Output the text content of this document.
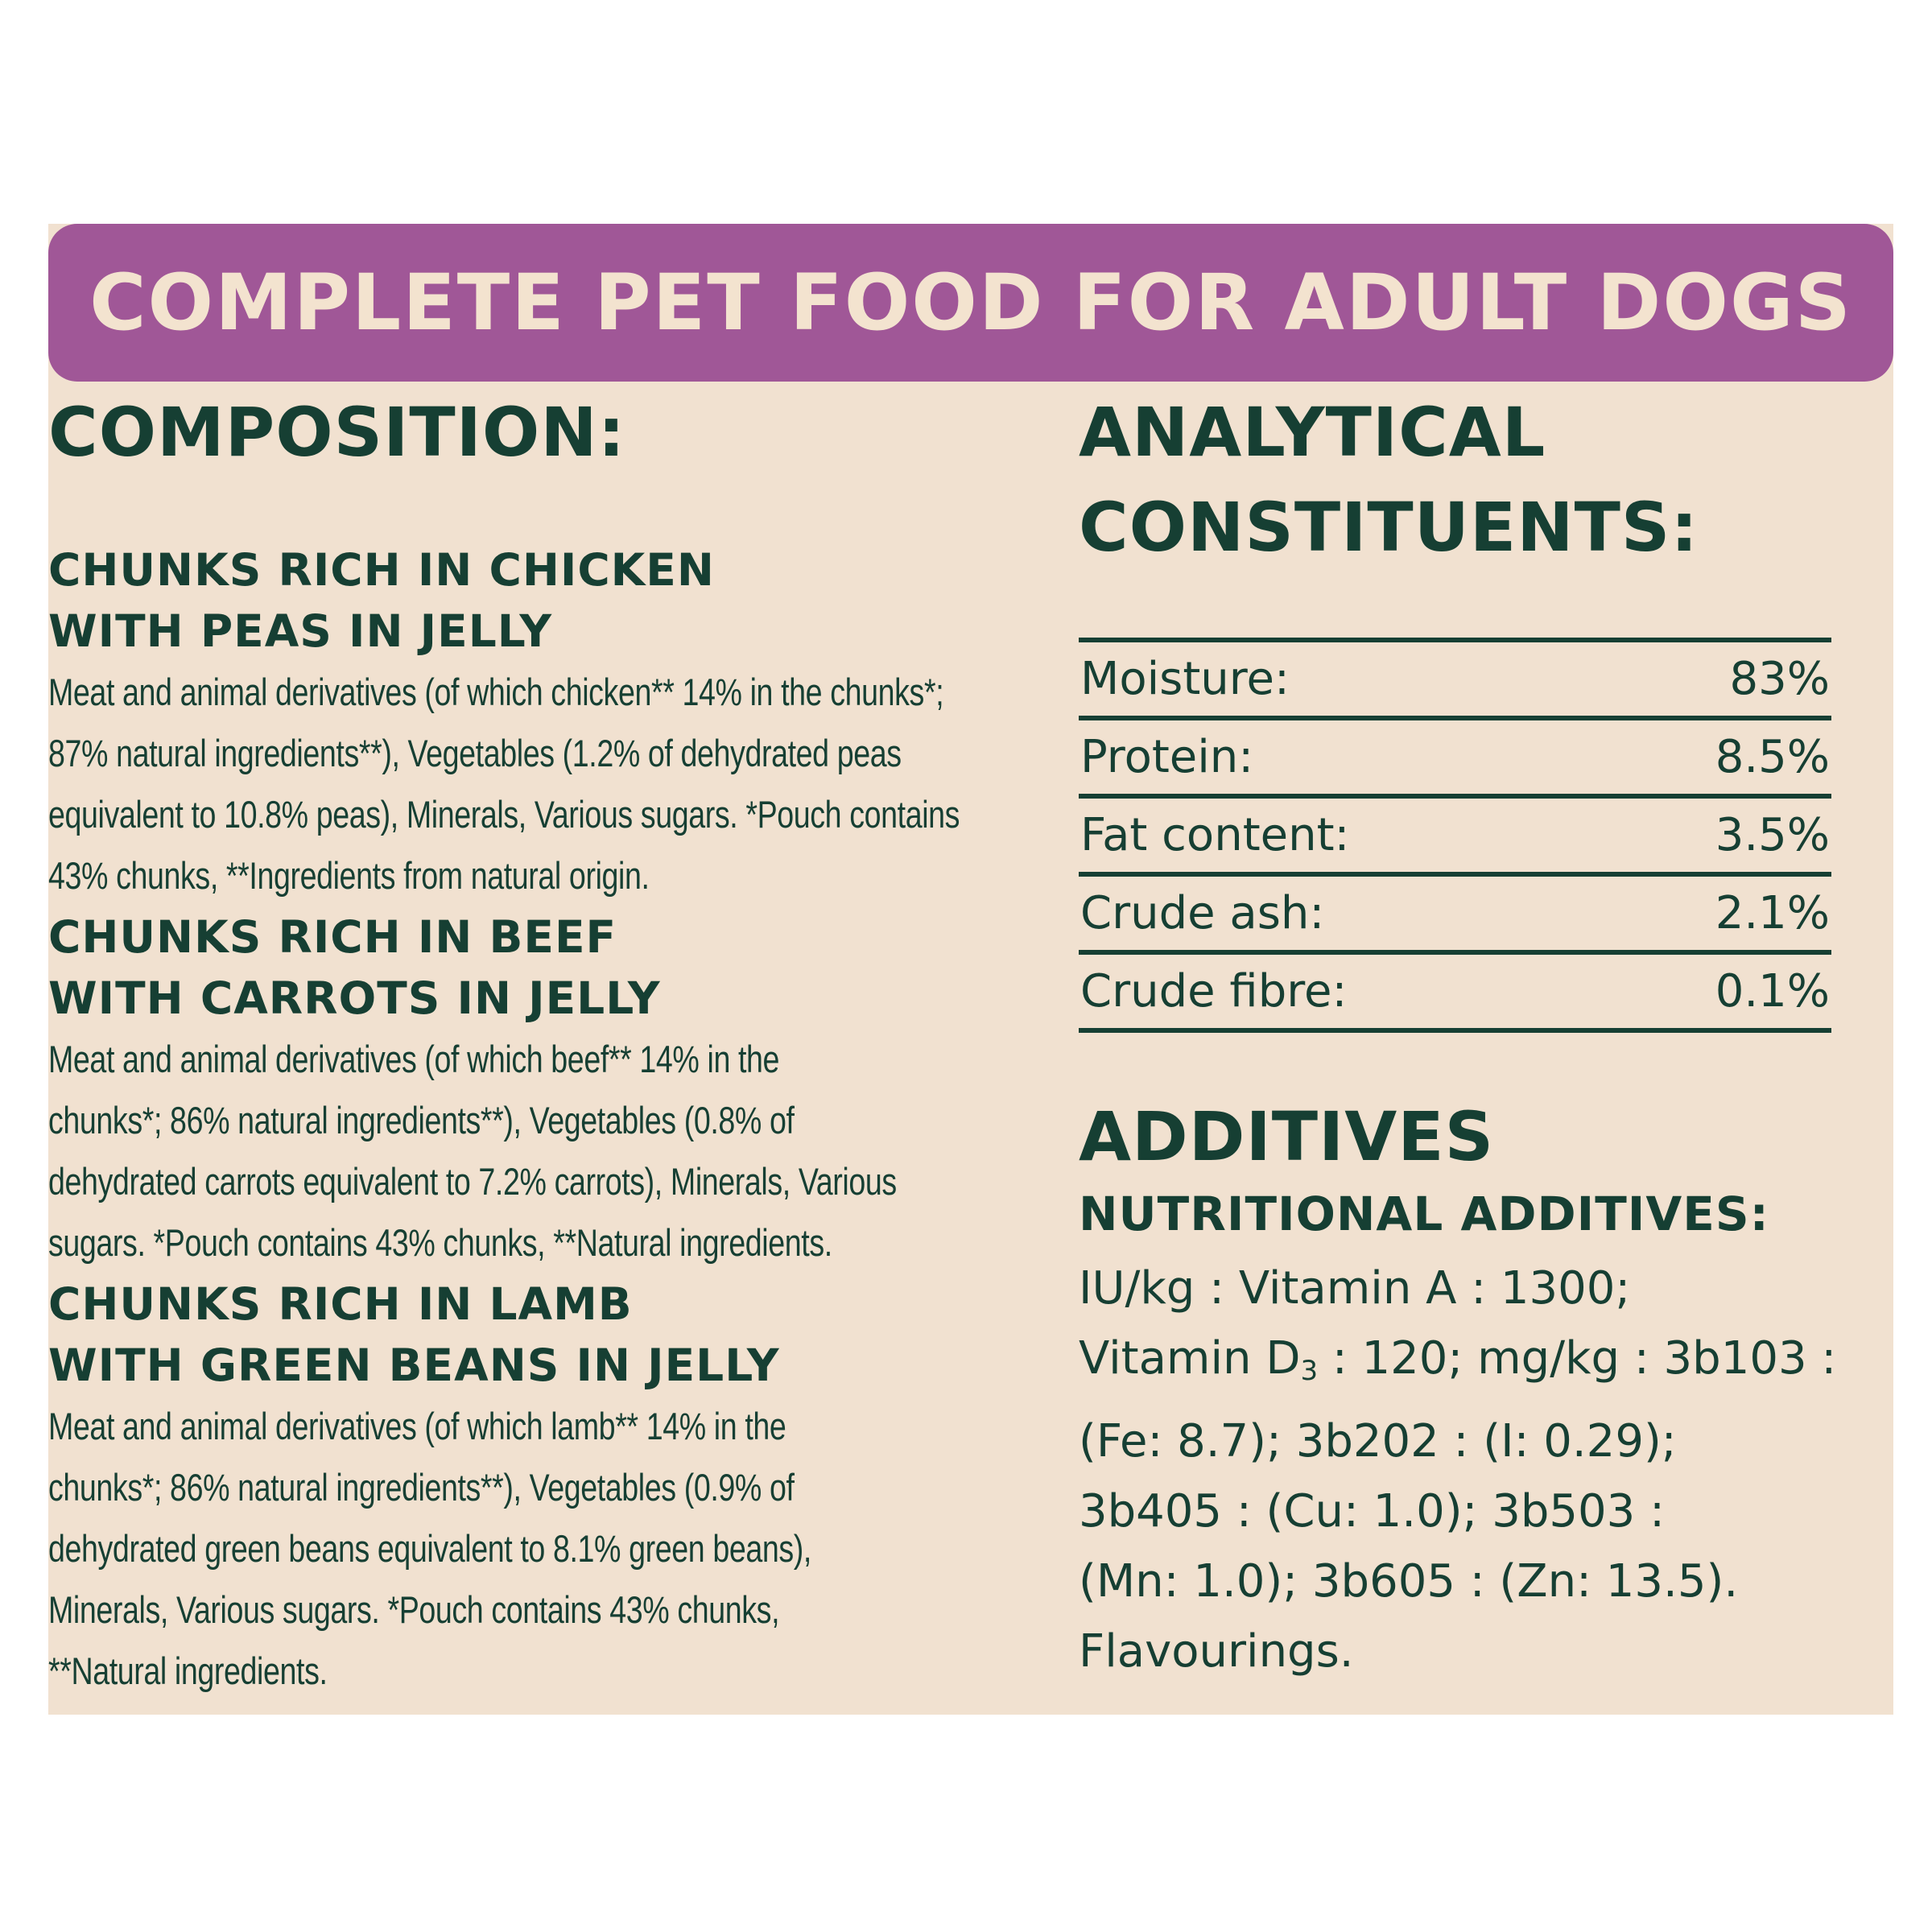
COMPLETE PET FOOD FOR ADULT DOGS
COMPOSITION:

CHUNKS RICH IN CHICKEN

WITH PEAS IN JELLY

Meat and animal derivatives (of which chicken** 14% in the chunks*;
87% natural ingredients**), Vegetables (1.2% of dehydrated peas
equivalent to 10.8% peas), Minerals, Various sugars. *Pouch contains
43% chunks, **Ingredients from natural origin.

CHUNKS RICH IN BEEF

WITH CARROTS IN JELLY

Meat and animal derivatives (of which beef** 14% in the
chunks*; 86% natural ingredients**), Vegetables (0.8% of
dehydrated carrots equivalent to 7.2% carrots), Minerals, Various
sugars. *Pouch contains 43% chunks, **Natural ingredients.

CHUNKS RICH IN LAMB

WITH GREEN BEANS IN JELLY

Meat and animal derivatives (of which lamb** 14% in the
chunks*; 86% natural ingredients**), Vegetables (0.9% of
dehydrated green beans equivalent to 8.1% green beans),
Minerals, Various sugars. *Pouch contains 43% chunks,
**Natural ingredients.
ANALYTICAL
CONSTITUENTS:
Moisture:	83%
Protein:	8.5%
Fat content:	3.5%
Crude ash:	2.1%
Crude fibre:	0.1%
ADDITIVES

NUTRITIONAL ADDITIVES:

IU/kg : Vitamin A : 1300;
Vitamin $D_3$ : 120; mg/kg : 3b103 :
(Fe: 8.7); 3b202 : (I: 0.29);
3b405 : (Cu: 1.0); 3b503 :
(Mn: 1.0); 3b605 : (Zn: 13.5).
Flavourings.
